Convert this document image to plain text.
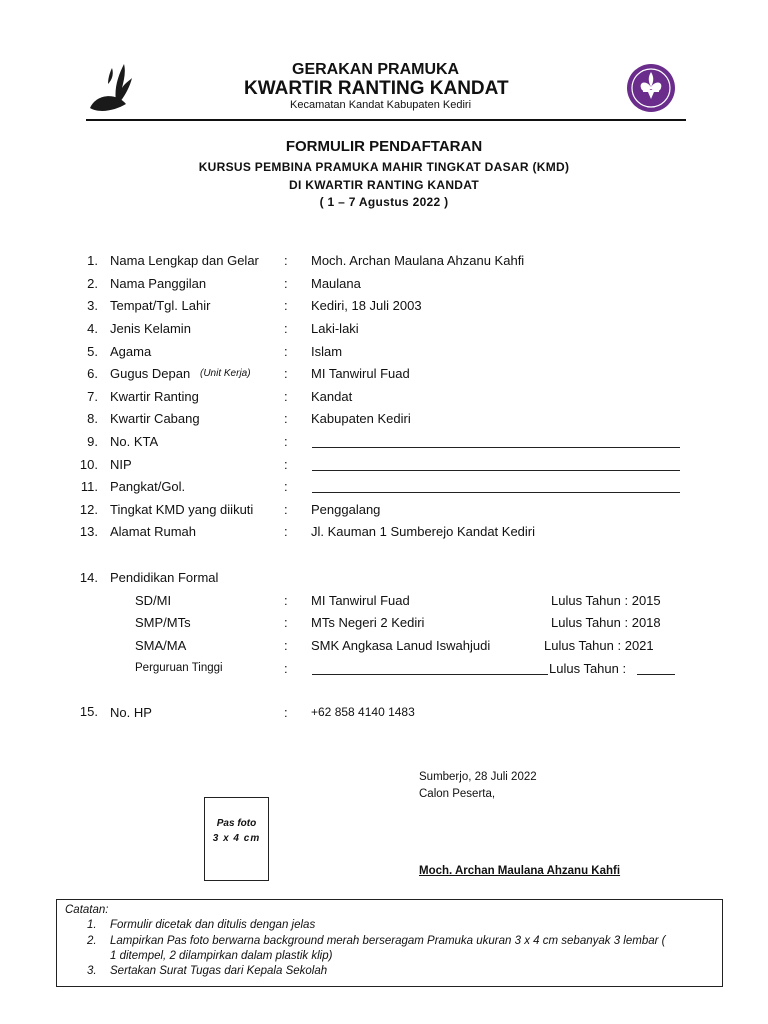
GERAKAN PRAMUKA
KWARTIR RANTING KANDAT
Kecamatan Kandat Kabupaten Kediri
FORMULIR PENDAFTARAN
KURSUS PEMBINA PRAMUKA MAHIR TINGKAT DASAR (KMD)
DI KWARTIR RANTING KANDAT
( 1 – 7 Agustus 2022 )
1. Nama Lengkap dan Gelar : Moch. Archan Maulana Ahzanu Kahfi
2. Nama Panggilan	: Maulana
3. Tempat/Tgl. Lahir	: Kediri, 18 Juli 2003
4. Jenis Kelamin	: Laki-laki
5. Agama	: Islam
6. Gugus Depan (Unit Kerja)	: MI Tanwirul Fuad
7. Kwartir Ranting	: Kandat
8. Kwartir Cabang	: Kabupaten Kediri
9. No. KTA	:
10. NIP	:
11. Pangkat/Gol.	:
12. Tingkat KMD yang diikuti : Penggalang
13. Alamat Rumah	: Jl. Kauman 1 Sumberejo Kandat Kediri
14. Pendidikan Formal
SD/MI	: MI Tanwirul Fuad	Lulus Tahun : 2015
SMP/MTs	: MTs Negeri 2 Kediri	Lulus Tahun : 2018
SMA/MA	: SMK Angkasa Lanud Iswahjudi	Lulus Tahun : 2021
Perguruan Tinggi	:	Lulus Tahun :
15. No. HP	: +62 858 4140 1483
Sumberjo, 28 Juli 2022
Calon Peserta,
Moch. Archan Maulana Ahzanu Kahfi
Pas foto
3 x 4 cm
Catatan:
1. Formulir dicetak dan ditulis dengan jelas
2. Lampirkan Pas foto berwarna background merah berseragam Pramuka ukuran 3 x 4 cm sebanyak 3 lembar (
1 ditempel, 2 dilampirkan dalam plastik klip)
3. Sertakan Surat Tugas dari Kepala Sekolah
